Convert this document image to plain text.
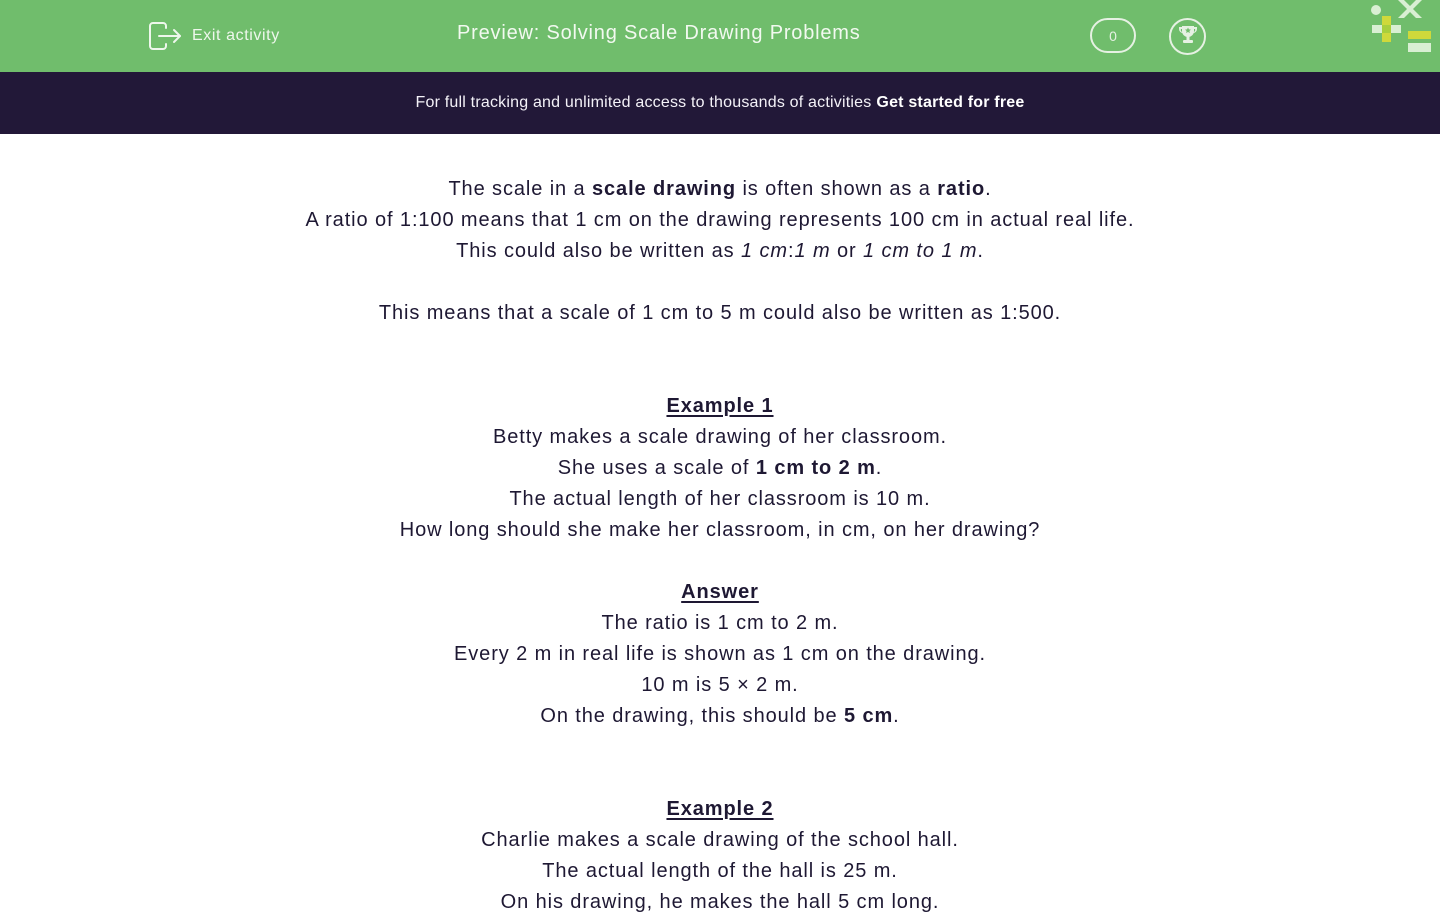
Exit activity	Preview: Solving Scale Drawing Problems	0
For full tracking and unlimited access to thousands of activities Get started for free
The scale in a scale drawing is often shown as a ratio.
A ratio of 1:100 means that 1 cm on the drawing represents 100 cm in actual real life.
This could also be written as 1 cm:1 m or 1 cm to 1 m.
This means that a scale of 1 cm to 5 m could also be written as 1:500.
Example 1
Betty makes a scale drawing of her classroom.
She uses a scale of 1 cm to 2 m.
The actual length of her classroom is 10 m.
How long should she make her classroom, in cm, on her drawing?
Answer
The ratio is 1 cm to 2 m.
Every 2 m in real life is shown as 1 cm on the drawing.
10 m is 5 × 2 m.
On the drawing, this should be 5 cm.
Example 2
Charlie makes a scale drawing of the school hall.
The actual length of the hall is 25 m.
On his drawing, he makes the hall 5 cm long.
